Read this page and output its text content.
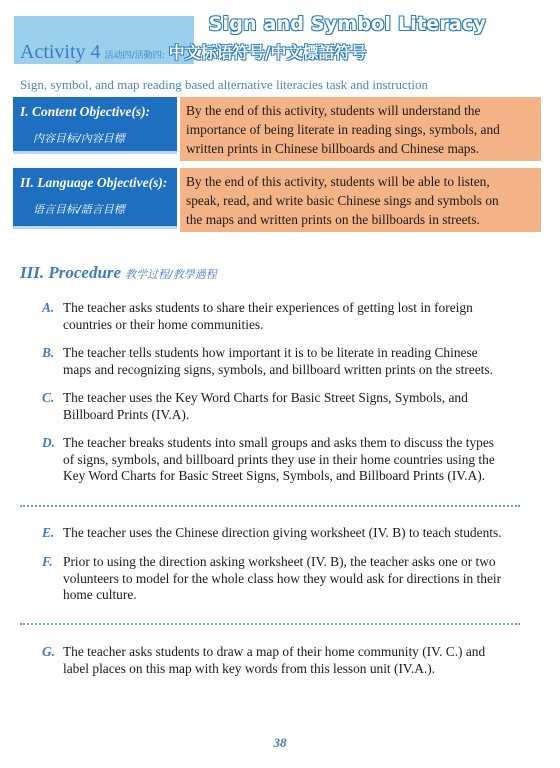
Sign and Symbol Literacy
Activity 4 活动四/活動四: 中文标语符号/中文標語符号
Sign, symbol, and map reading based alternative literacies task and instruction
I. Content Objective(s):
内容目标/內容目標

By the end of this activity, students will understand the

importance of being literate in reading sings, symbols, and

written prints in Chinese billboards and Chinese maps.

II. Language Objective(s):
语言目标/語言目標

By the end of this activity, students will be able to listen,

speak, read, and write basic Chinese sings and symbols on

the maps and written prints on the billboards in streets.

III. Procedure 教学过程/教學過程
A. The teacher asks students to share their experiences of getting lost in foreign
countries or their home communities.
B. The teacher tells students how important it is to be literate in reading Chinese
maps and recognizing signs, symbols, and billboard written prints on the streets.
C. The teacher uses the Key Word Charts for Basic Street Signs, Symbols, and
Billboard Prints (IV.A).
D. The teacher breaks students into small groups and asks them to discuss the types
of signs, symbols, and billboard prints they use in their home countries using the
Key Word Charts for Basic Street Signs, Symbols, and Billboard Prints (IV.A).
E. The teacher uses the Chinese direction giving worksheet (IV. B) to teach students.
F. Prior to using the direction asking worksheet (IV. B), the teacher asks one or two
volunteers to model for the whole class how they would ask for directions in their
home culture.
G. The teacher asks students to draw a map of their home community (IV. C.) and
label places on this map with key words from this lesson unit (IV.A.).
38
